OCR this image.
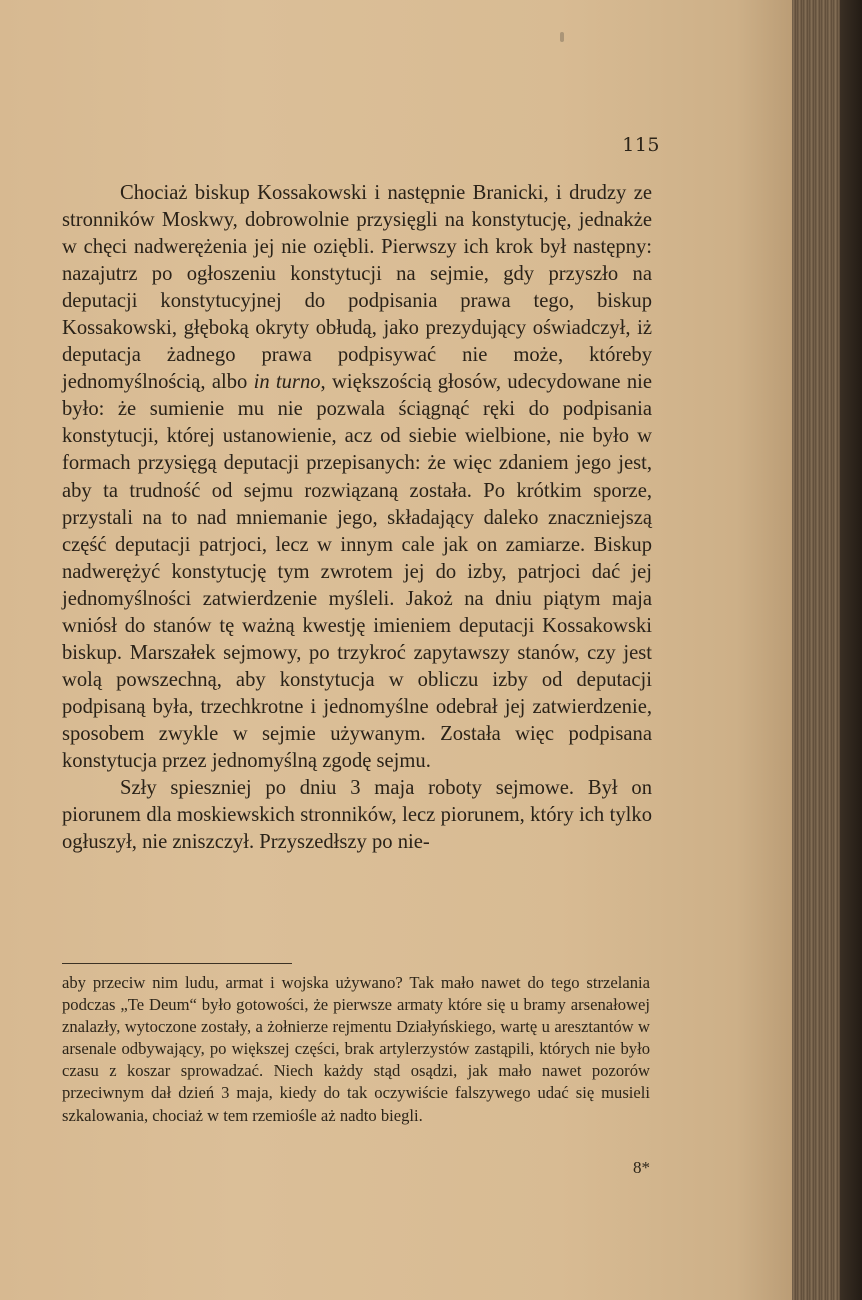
115

Chociaż biskup Kossakowski i następnie Branicki, i drudzy ze stronników Moskwy, dobrowolnie przysięgli na konstytucję, jednakże w chęci nadwerężenia jej nie oziębli. Pierwszy ich krok był następny: nazajutrz po ogłoszeniu konstytucji na sejmie, gdy przyszło na deputacji konstytucyjnej do podpisania prawa tego, biskup Kossakowski, głęboką okryty obłudą, jako prezydujący oświadczył, iż deputacja żadnego prawa podpisywać nie może, któreby jednomyślnością, albo in turno, większością głosów, udecydowane nie było: że sumienie mu nie pozwala ściągnąć ręki do podpisania konstytucji, której ustanowienie, acz od siebie wielbione, nie było w formach przysięgą deputacji przepisanych: że więc zdaniem jego jest, aby ta trudność od sejmu rozwiązaną została. Po krótkim sporze, przystali na to nad mniemanie jego, składający daleko znaczniejszą część deputacji patrjoci, lecz w innym cale jak on zamiarze. Biskup nadwerężyć konstytucję tym zwrotem jej do izby, patrjoci dać jej jednomyślności zatwierdzenie myśleli. Jakoż na dniu piątym maja wniósł do stanów tę ważną kwestję imieniem deputacji Kossakowski biskup. Marszałek sejmowy, po trzykroć zapytawszy stanów, czy jest wolą powszechną, aby konstytucja w obliczu izby od deputacji podpisaną była, trzechkrotne i jednomyślne odebrał jej zatwierdzenie, sposobem zwykle w sejmie używanym. Została więc podpisana konstytucja przez jednomyślną zgodę sejmu.

Szły spieszniej po dniu 3 maja roboty sejmowe. Był on piorunem dla moskiewskich stronników, lecz piorunem, który ich tylko ogłuszył, nie zniszczył. Przyszedłszy po nie-

aby przeciw nim ludu, armat i wojska używano? Tak mało nawet do tego strzelania podczas „Te Deum“ było gotowości, że pierwsze armaty które się u bramy arsenałowej znalazły, wytoczone zostały, a żołnierze rejmentu Działyńskiego, wartę u aresztantów w arsenale odbywający, po większej części, brak artylerzystów zastąpili, których nie było czasu z koszar sprowadzać. Niech każdy stąd osądzi, jak mało nawet pozorów przeciwnym dał dzień 3 maja, kiedy do tak oczywiście falszywego udać się musieli szkalowania, chociaż w tem rzemiośle aż nadto biegli.

8*
